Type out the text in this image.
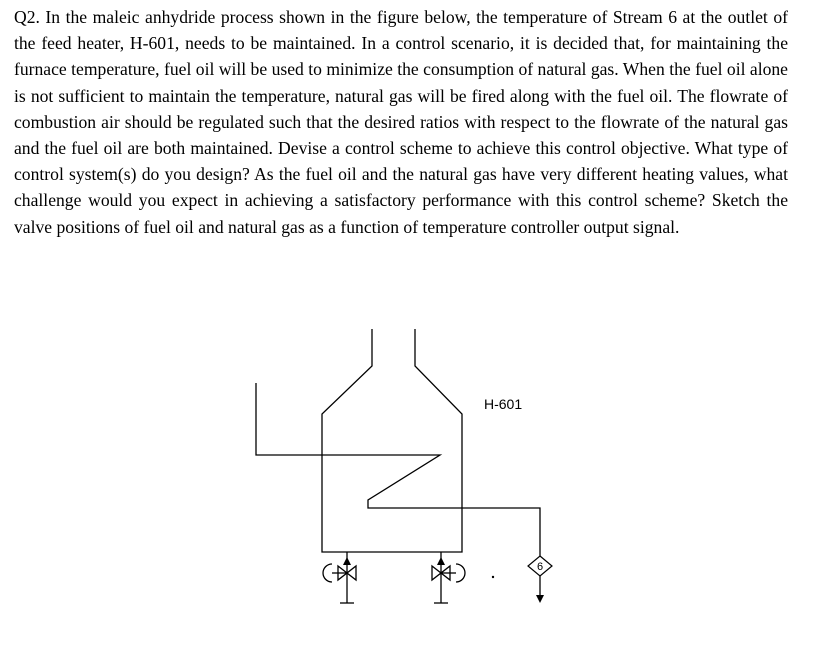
Q2. In the maleic anhydride process shown in the figure below, the temperature of Stream 6 at the outlet of the feed heater, H-601, needs to be maintained. In a control scenario, it is decided that, for maintaining the furnace temperature, fuel oil will be used to minimize the consumption of natural gas. When the fuel oil alone is not sufficient to maintain the temperature, natural gas will be fired along with the fuel oil. The flowrate of combustion air should be regulated such that the desired ratios with respect to the flowrate of the natural gas and the fuel oil are both maintained. Devise a control scheme to achieve this control objective. What type of control system(s) do you design? As the fuel oil and the natural gas have very different heating values, what challenge would you expect in achieving a satisfactory performance with this control scheme? Sketch the valve positions of fuel oil and natural gas as a function of temperature controller output signal.

6
H-601
